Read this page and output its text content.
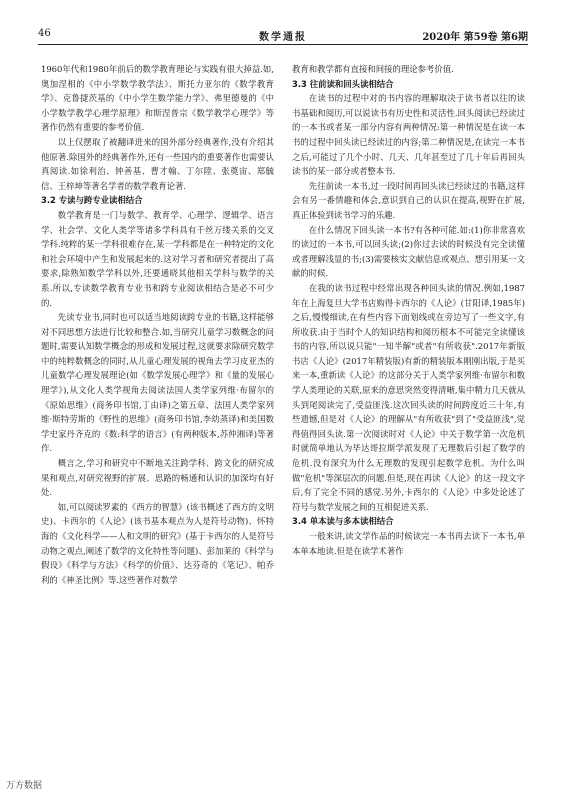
46	数学通报	2020年 第59卷 第6期

1960年代和1980年前后的数学教育理论与实践有很大掉益.如,奥加涅相的《中小学数学教学法》、斯托力亚尔的《数学教育学》、克鲁捷茨基的《中小学生数学能力学》、弗里德曼的《中小学数学教学心理学原理》和斯涅普宗《数学教学心理学》等著作仍然有重要的参考价值.

以上仅摆取了被翻译进来的国外部分经典著作,没有介绍其他原著.除国外的经典著作外,还有一些国内的重要著作也需要认真阅读.如徐利治、钟善基、曹才翰、丁尔陞、张奠宙、郑毓信、王梓坤等著名学者的数学教育论著.

3.2 专读与跨专业读相结合

数学教育是一门与数学、教育学、心理学、逻辑学、语言学、社会学、文化人类学等诸多学科具有千丝万缕关系的交叉学科.纯粹的某一学科很难存在,某一学科都是在一种特定的文化和社会环境中产生和发展起来的.这对学习者和研究者提出了高要求,除熟知数学学科以外,还要通晓其他相关学科与数学的关系.所以,专读数学教育专业书和跨专业阅读相结合是必不可少的.

先读专业书,同时也可以适当地阅读跨专业的书籍,这样能够对不同思想方法进行比较和整合.如,当研究儿童学习数概念的问题时,需要认知数学概念的形成和发展过程,这就要求除研究数学中的纯粹数概念的同时,从儿童心理发展的视角去学习皮亚杰的儿童数学心理发展理论(如《数学发展心理学》和《量的发展心理学》),从文化人类学视角去阅读法国人类学家列维·布留尔的《原始思维》(商务印书馆,丁由译)之第五章、法国人类学家列维·斯特劳斯的《野性的思维》(商务印书馆,李幼蒸译)和美国数学史家丹齐克的《数:科学的语言》(有两种版本,苏仲湘译)等著作.

概言之,学习和研究中不断地关注跨学科、跨文化的研究成果和观点,对研究视野的扩展、思路的畅通和认识的加深均有好处.

如,可以阅读罗素的《西方的智慧》(该书概述了西方的文明史)、卡西尔的《人论》(该书基本观点为人是符号动物)、怀特海的《文化科学——人和文明的研究》(基于卡西尔的人是符号动物之观点,阐述了数学的文化特性等问题)、彭加莱的《科学与假设》《科学与方法》《科学的价值》、达芬奇的《笔记》、帕乔利的《神圣比例》等.这些著作对数学

教育和教学都有直接和间接的理论参考价值.

3.3 往前读和回头读相结合

在读书的过程中对的书内容的理解取决于读书者以往的读书基础和阅历,可以说读书有历史性和灵活性.回头阅读已经读过的一本书或者某一部分内容有两种情况:第一种情况是在读一本书的过程中回头读已经读过的内容;第二种情况是,在读完一本书之后,可能过了几个小时、几天、几年甚至过了几十年后再回头读书的某一部分或者整本书.

先往前读一本书,过一段时间再回头读已经读过的书籍,这样会有另一番情趣和体会,意识到自己的认识在提高,视野在扩展,真正体验到读书学习的乐趣.

在什么情况下回头读一本书?有各种可能.如:(1)你非常喜欢的读过的一本书,可以回头读;(2)你过去读的时候没有完全读懂或者理解浅显的书;(3)需要核实文献信息或观点、想引用某一文献的时候.

在我的读书过程中经常出现各种回头读的情况.例如,1987年在上海复旦大学书店购得卡西尔的《人论》(甘阳译,1985年)之后,慢慢细读,在有些内容下面划线或在旁边写了一些文字,有所收获.由于当时个人的知识结构和阅历根本不可能完全读懂该书的内容,所以说只能"一知半解"或者"有所收获".2017年新版书店《人论》(2017年精装版)有新的精装版本刚刚出版,于是买来一本,重新读《人论》的这部分关于人类学家列维·布留尔和数学人类理论的关联,原来的意思突然变得清晰,集中精力几天就从头到尾阅读完了,受益匪浅.这次回头读的时间跨度近三十年,有些遗憾,但是对《人论》的理解从"有所收获"到了"受益匪浅",觉得值得回头读.第一次阅读时对《人论》中关于数学第一次危机时就简单地认为毕达哥拉斯学派发现了无理数后引起了数学的危机.没有深究为什么无理数的发现引起数学危机、为什么叫做"危机"等深层次的问题.但是,现在再读《人论》的这一段文字后,有了完全不同的感觉.另外,卡西尔的《人论》中多处论述了符号与数学发展之间的互相促进关系.

3.4 单本读与多本读相结合

一般来讲,读文学作品的时候读完一本书再去读下一本书,单本单本地读.但是在读学术著作

万方数据
